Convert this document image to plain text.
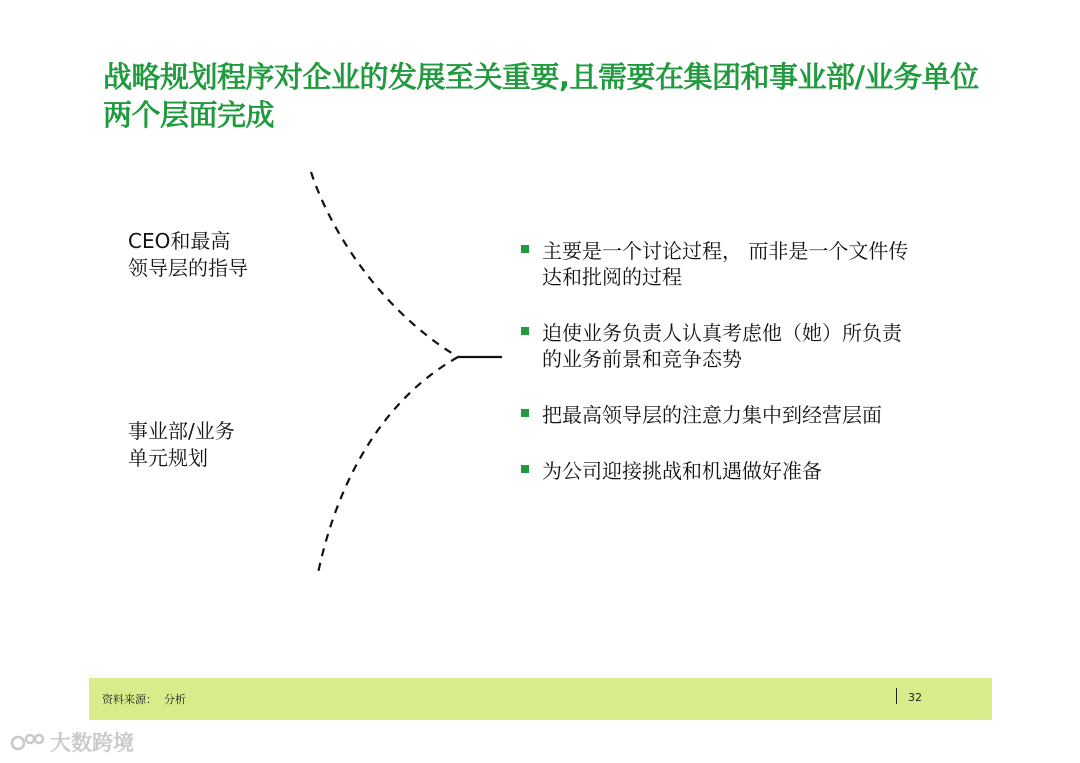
战略规划程序对企业的发展至关重要,且需要在集团和事业部/业务单位两个层面完成
CEO和最高
领导层的指导
事业部/业务
单元规划
主要是一个讨论过程， 而非是一个文件传
达和批阅的过程
迫使业务负责人认真考虑他（她）所负责
的业务前景和竞争态势
把最高领导层的注意力集中到经营层面
为公司迎接挑战和机遇做好准备
资料来源：  分析	32
大数跨境
